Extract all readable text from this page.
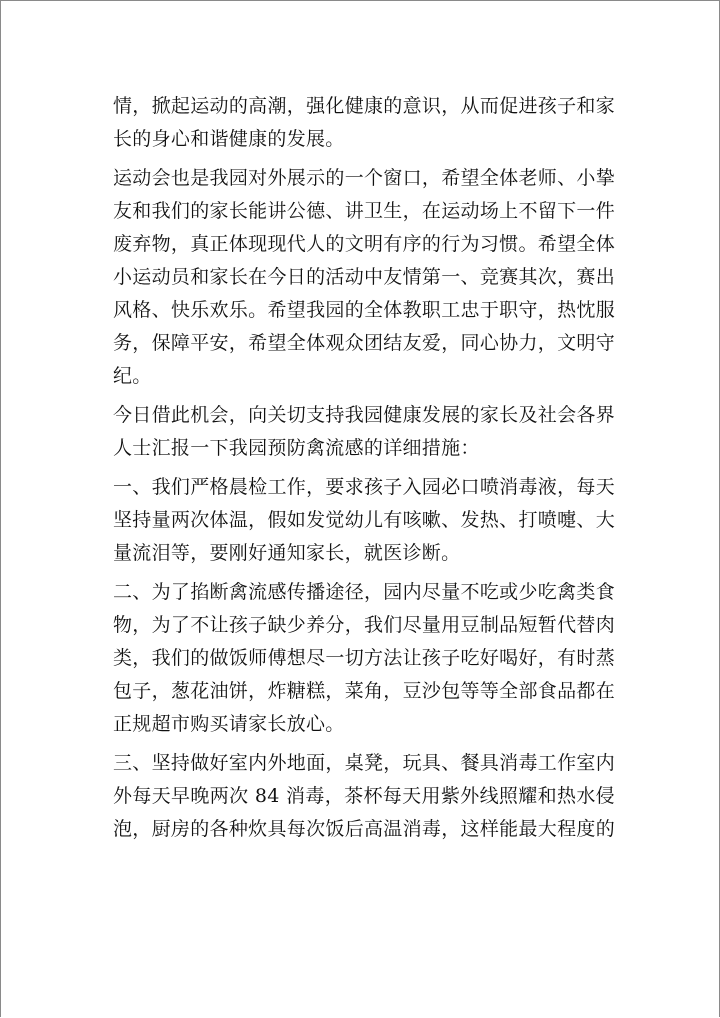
情，掀起运动的高潮，强化健康的意识，从而促进孩子和家
长的身心和谐健康的发展。
运动会也是我园对外展示的一个窗口，希望全体老师、小挚
友和我们的家长能讲公德、讲卫生，在运动场上不留下一件
废弃物，真正体现现代人的文明有序的行为习惯。希望全体
小运动员和家长在今日的活动中友情第一、竞赛其次，赛出
风格、快乐欢乐。希望我园的全体教职工忠于职守，热忱服
务，保障平安，希望全体观众团结友爱，同心协力，文明守
纪。
今日借此机会，向关切支持我园健康发展的家长及社会各界
人士汇报一下我园预防禽流感的详细措施：
一、我们严格晨检工作，要求孩子入园必口喷消毒液，每天
坚持量两次体温，假如发觉幼儿有咳嗽、发热、打喷嚏、大
量流泪等，要刚好通知家长，就医诊断。
二、为了掐断禽流感传播途径，园内尽量不吃或少吃禽类食
物，为了不让孩子缺少养分，我们尽量用豆制品短暂代替肉
类，我们的做饭师傅想尽一切方法让孩子吃好喝好，有时蒸
包子，葱花油饼，炸糖糕，菜角，豆沙包等等全部食品都在
正规超市购买请家长放心。
三、坚持做好室内外地面，桌凳，玩具、餐具消毒工作室内
外每天早晚两次 84 消毒，茶杯每天用紫外线照耀和热水侵
泡，厨房的各种炊具每次饭后高温消毒，这样能最大程度的
